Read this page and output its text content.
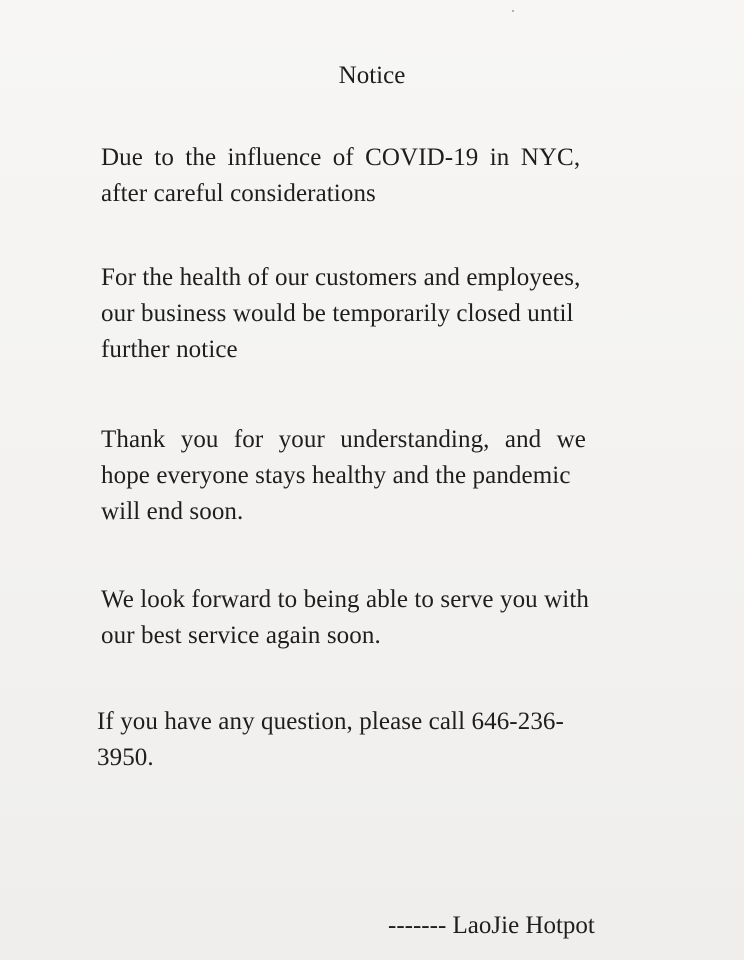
Notice

Due to the influence of COVID-19 in NYC,
after careful considerations

For the health of our customers and employees,
our business would be temporarily closed until
further notice

Thank you for your understanding, and we
hope everyone stays healthy and the pandemic
will end soon.

We look forward to being able to serve you with
our best service again soon.

If you have any question, please call 646-236-
3950.

------- LaoJie Hotpot
